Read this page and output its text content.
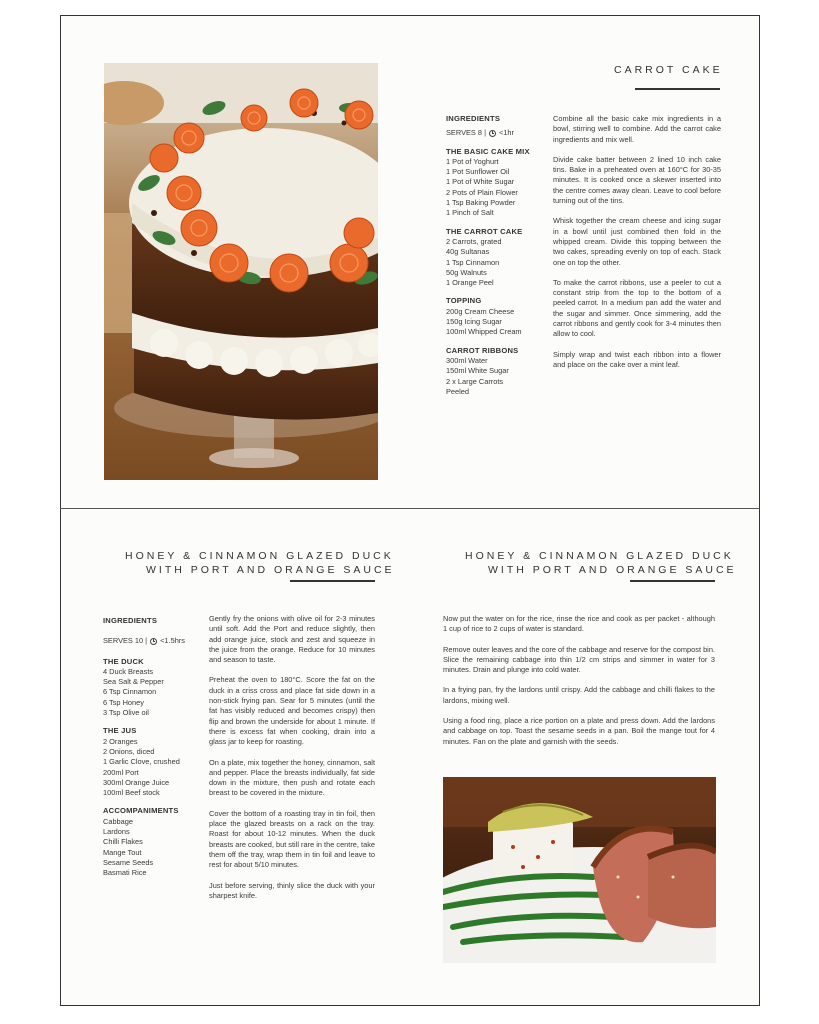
CARROT CAKE
INGREDIENTS
SERVES 8 | <1hr
THE BASIC CAKE MIX
1 Pot of Yoghurt
1 Pot Sunflower Oil
1 Pot of White Sugar
2 Pots of Plain Flower
1 Tsp Baking Powder
1 Pinch of Salt
THE CARROT CAKE
2 Carrots, grated
40g Sultanas
1 Tsp Cinnamon
50g Walnuts
1 Orange Peel
TOPPING
200g Cream Cheese
150g Icing Sugar
100ml Whipped Cream
CARROT RIBBONS
300ml Water
150ml White Sugar
2 x Large Carrots
Peeled

Combine all the basic cake mix ingredients in a bowl, stirring well to combine. Add the carrot cake ingredients and mix well.

Divide cake batter between 2 lined 10 inch cake tins. Bake in a preheated oven at 160°C for 30-35 minutes. It is cooked once a skewer inserted into the centre comes away clean. Leave to cool before turning out of the tins.

Whisk together the cream cheese and icing sugar in a bowl until just combined then fold in the whipped cream. Divide this topping between the two cakes, spreading evenly on top of each. Stack one on top the other.

To make the carrot ribbons, use a peeler to cut a constant strip from the top to the bottom of a peeled carrot. In a medium pan add the water and the sugar and simmer. Once simmering, add the carrot ribbons and gently cook for 3-4 minutes then allow to cool.

Simply wrap and twist each ribbon into a flower and place on the cake over a mint leaf.

HONEY & CINNAMON GLAZED DUCK
WITH PORT AND ORANGE SAUCE
INGREDIENTS
SERVES 10 | <1.5hrs
THE DUCK
4 Duck Breasts
Sea Salt & Pepper
6 Tsp Cinnamon
6 Tsp Honey
3 Tsp Olive oil
THE JUS
2 Oranges
2 Onions, diced
1 Garlic Clove, crushed
200ml Port
300ml Orange Juice
100ml Beef stock
ACCOMPANIMENTS
Cabbage
Lardons
Chilli Flakes
Mange Tout
Sesame Seeds
Basmati Rice

Gently fry the onions with olive oil for 2-3 minutes until soft. Add the Port and reduce slightly, then add orange juice, stock and zest and squeeze in the juice from the orange. Reduce for 10 minutes and season to taste.

Preheat the oven to 180°C. Score the fat on the duck in a criss cross and place fat side down in a non-stick frying pan. Sear for 5 minutes (until the fat has visibly reduced and becomes crispy) then flip and brown the underside for about 1 minute. If there is excess fat when cooking, drain into a glass jar to keep for roasting.

On a plate, mix together the honey, cinnamon, salt and pepper. Place the breasts individually, fat side down in the mixture, then push and rotate each breast to be covered in the mixture.

Cover the bottom of a roasting tray in tin foil, then place the glazed breasts on a rack on the tray. Roast for about 10-12 minutes. When the duck breasts are cooked, but still rare in the centre, take them off the tray, wrap them in tin foil and leave to rest for about 5/10 minutes.

Just before serving, thinly slice the duck with your sharpest knife.

HONEY & CINNAMON GLAZED DUCK
WITH PORT AND ORANGE SAUCE

Now put the water on for the rice, rinse the rice and cook as per packet - although 1 cup of rice to 2 cups of water is standard.

Remove outer leaves and the core of the cabbage and reserve for the compost bin. Slice the remaining cabbage into thin 1/2 cm strips and simmer in water for 3 minutes. Drain and plunge into cold water.

In a frying pan, fry the lardons until crispy. Add the cabbage and chilli flakes to the lardons, mixing well.

Using a food ring, place a rice portion on a plate and press down. Add the lardons and cabbage on top. Toast the sesame seeds in a pan. Boil the mange tout for 4 minutes. Fan on the plate and garnish with the seeds.
